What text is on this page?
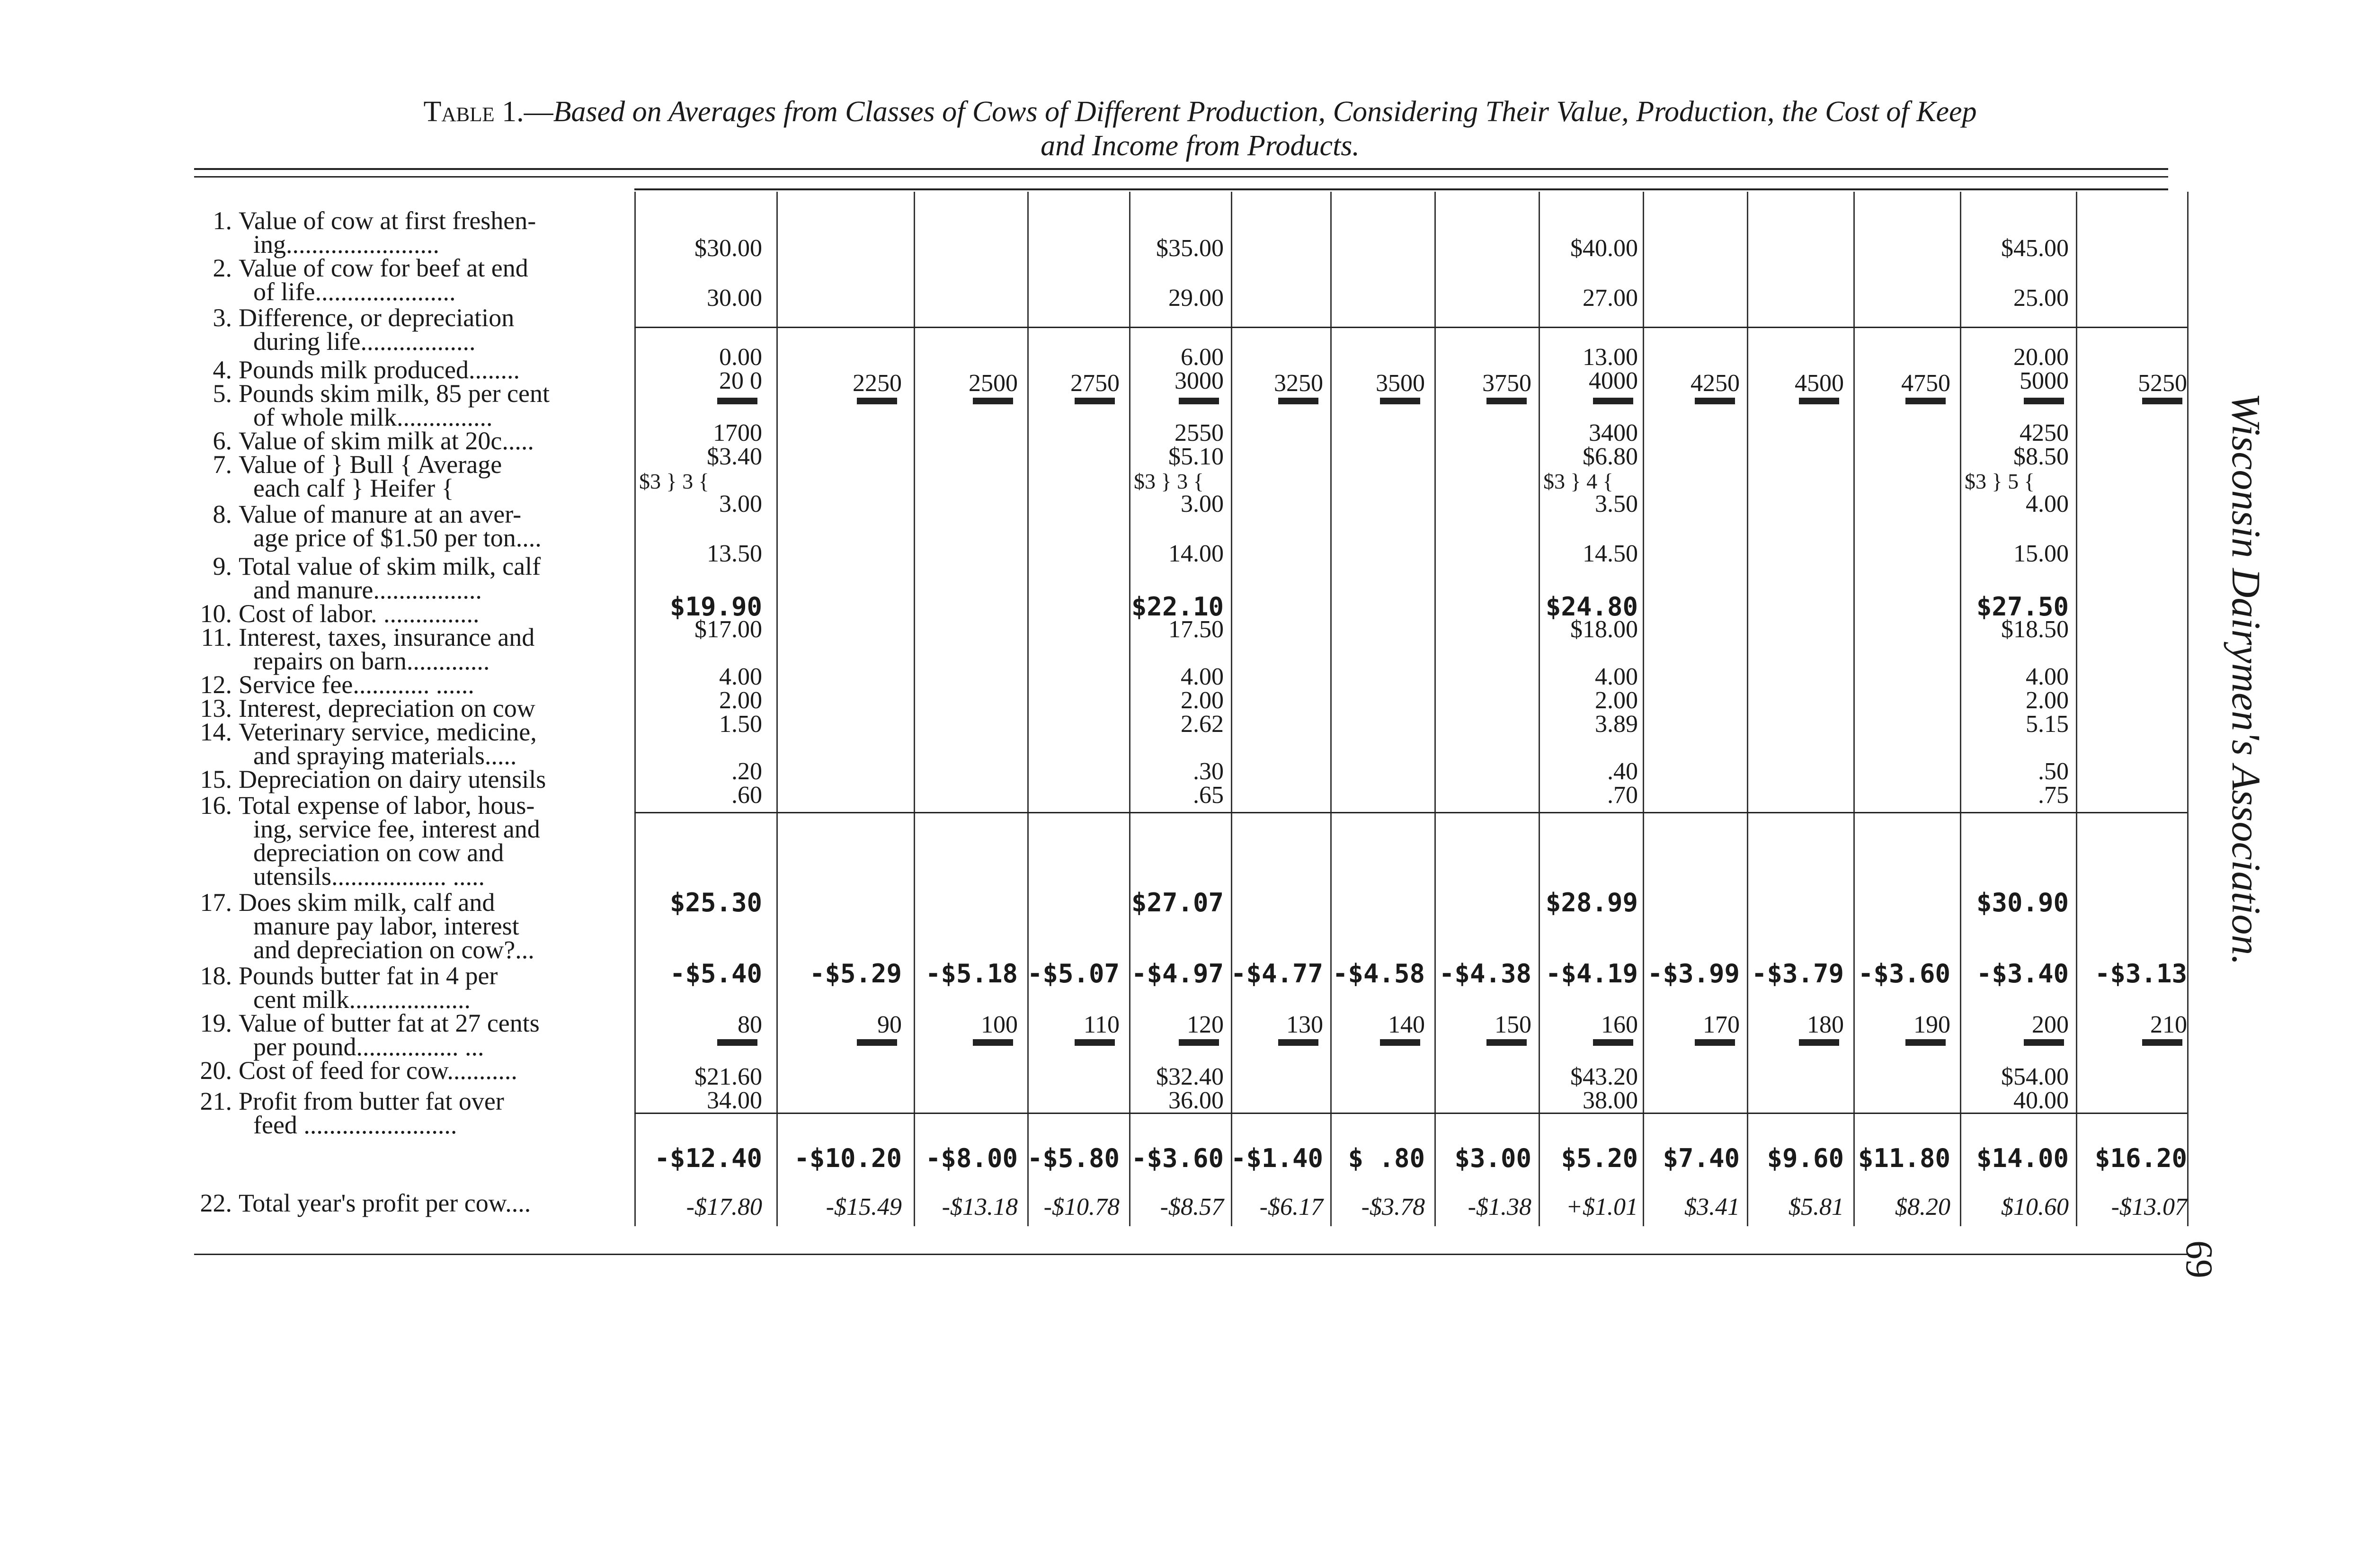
Table 1.—Based on Averages from Classes of Cows of Different Production, Considering Their Value, Production, the Cost of Keep
and Income from Products.
1. Value of cow at first freshen-
ing........................
2. Value of cow for beef at end
of life......................
3. Difference, or depreciation
during life..................
4. Pounds milk produced........
5. Pounds skim milk, 85 per cent
of whole milk...............
6. Value of skim milk at 20c.....
7. Value of } Bull { Average
each calf } Heifer {
8. Value of manure at an aver-
age price of $1.50 per ton....
9. Total value of skim milk, calf
and manure.................
10. Cost of labor. ...............
11. Interest, taxes, insurance and
repairs on barn.............
12. Service fee............ ......
13. Interest, depreciation on cow
14. Veterinary service, medicine,
and spraying materials.....
15. Depreciation on dairy utensils
16. Total expense of labor, hous-
ing, service fee, interest and
depreciation on cow and
utensils.................. .....
17. Does skim milk, calf and
manure pay labor, interest
and depreciation on cow?...
18. Pounds butter fat in 4 per
cent milk...................
19. Value of butter fat at 27 cents
per pound................ ...
20. Cost of feed for cow...........
21. Profit from butter fat over
feed ........................
22. Total year's profit per cow....
$30.00
30.00
0.00
20 0
1700
$3.40
3.00
13.50
$19.90
$17.00
4.00
2.00
1.50
.20
.60
$25.30
$3 } 3 {
$35.00
29.00
6.00
3000
2550
$5.10
3.00
14.00
$22.10
17.50
4.00
2.00
2.62
.30
.65
$27.07
$3 } 3 {
$40.00
27.00
13.00
4000
3400
$6.80
3.50
14.50
$24.80
$18.00
4.00
2.00
3.89
.40
.70
$28.99
$3 } 4 {
$45.00
25.00
20.00
5000
4250
$8.50
4.00
15.00
$27.50
$18.50
4.00
2.00
5.15
.50
.75
$30.90
$3 } 5 {
-$5.40
80
$21.60
34.00
-$12.40
-$17.80
2250
-$5.29
90
-$10.20
-$15.49
2500
-$5.18
100
-$8.00
-$13.18
2750
-$5.07
110
-$5.80
-$10.78
-$4.97
120
$32.40
36.00
-$3.60
-$8.57
3250
-$4.77
130
-$1.40
-$6.17
3500
-$4.58
140
$ .80
-$3.78
3750
-$4.38
150
$3.00
-$1.38
-$4.19
160
$43.20
38.00
$5.20
+$1.01
4250
-$3.99
170
$7.40
$3.41
4500
-$3.79
180
$9.60
$5.81
4750
-$3.60
190
$11.80
$8.20
-$3.40
200
$54.00
40.00
$14.00
$10.60
5250
-$3.13
210
$16.20
-$13.07
Wisconsin Dairymen's Association.
69
